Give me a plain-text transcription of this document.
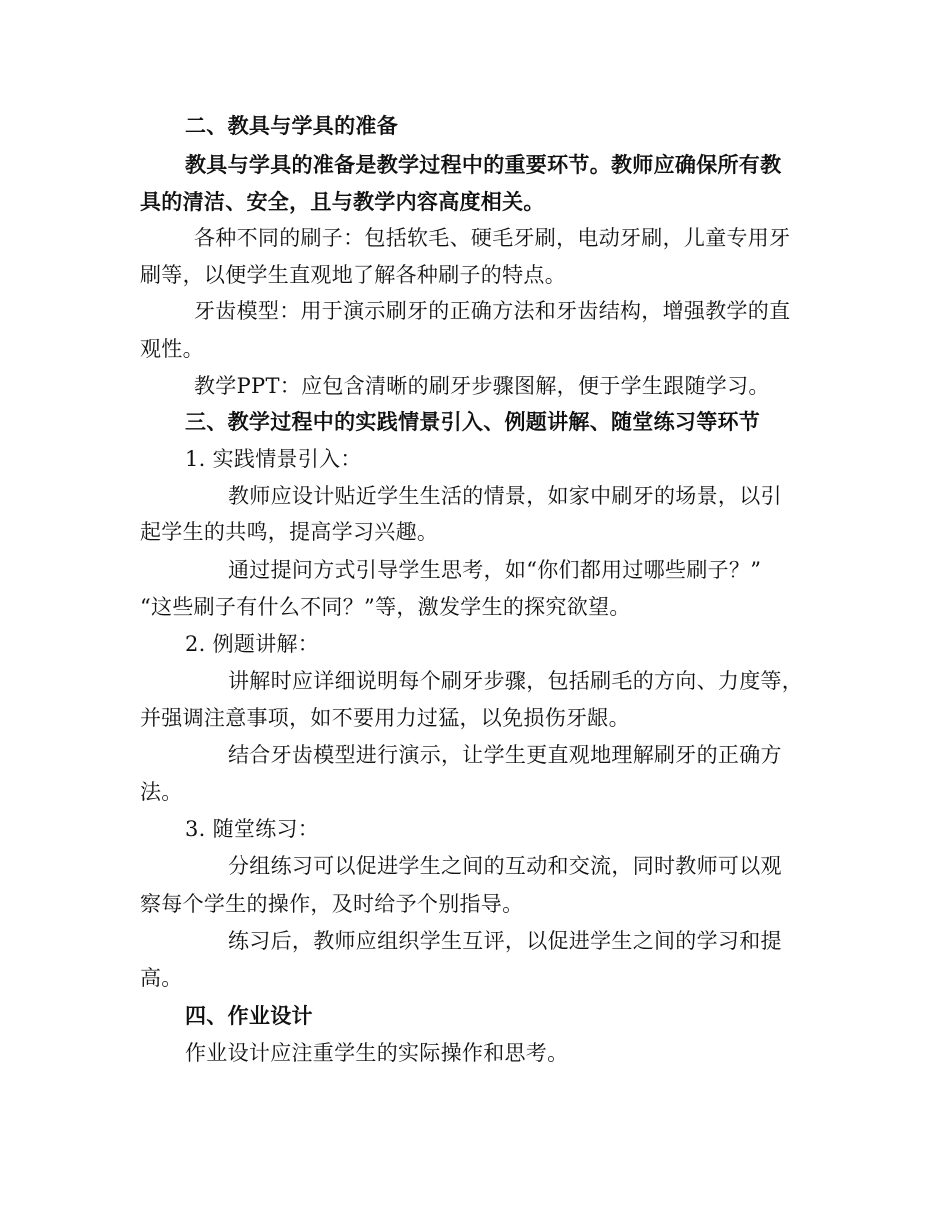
二、教具与学具的准备
教具与学具的准备是教学过程中的重要环节。教师应确保所有教
具的清洁、安全，且与教学内容高度相关。
各种不同的刷子：包括软毛、硬毛牙刷，电动牙刷，儿童专用牙
刷等，以便学生直观地了解各种刷子的特点。
牙齿模型：用于演示刷牙的正确方法和牙齿结构，增强教学的直
观性。
教学PPT：应包含清晰的刷牙步骤图解，便于学生跟随学习。
三、教学过程中的实践情景引入、例题讲解、随堂练习等环节
1. 实践情景引入：
教师应设计贴近学生生活的情景，如家中刷牙的场景，以引
起学生的共鸣，提高学习兴趣。
通过提问方式引导学生思考，如“你们都用过哪些刷子？”
“这些刷子有什么不同？”等，激发学生的探究欲望。
2. 例题讲解：
讲解时应详细说明每个刷牙步骤，包括刷毛的方向、力度等，
并强调注意事项，如不要用力过猛，以免损伤牙龈。
结合牙齿模型进行演示，让学生更直观地理解刷牙的正确方
法。
3. 随堂练习：
分组练习可以促进学生之间的互动和交流，同时教师可以观
察每个学生的操作，及时给予个别指导。
练习后，教师应组织学生互评，以促进学生之间的学习和提
高。
四、作业设计
作业设计应注重学生的实际操作和思考。
